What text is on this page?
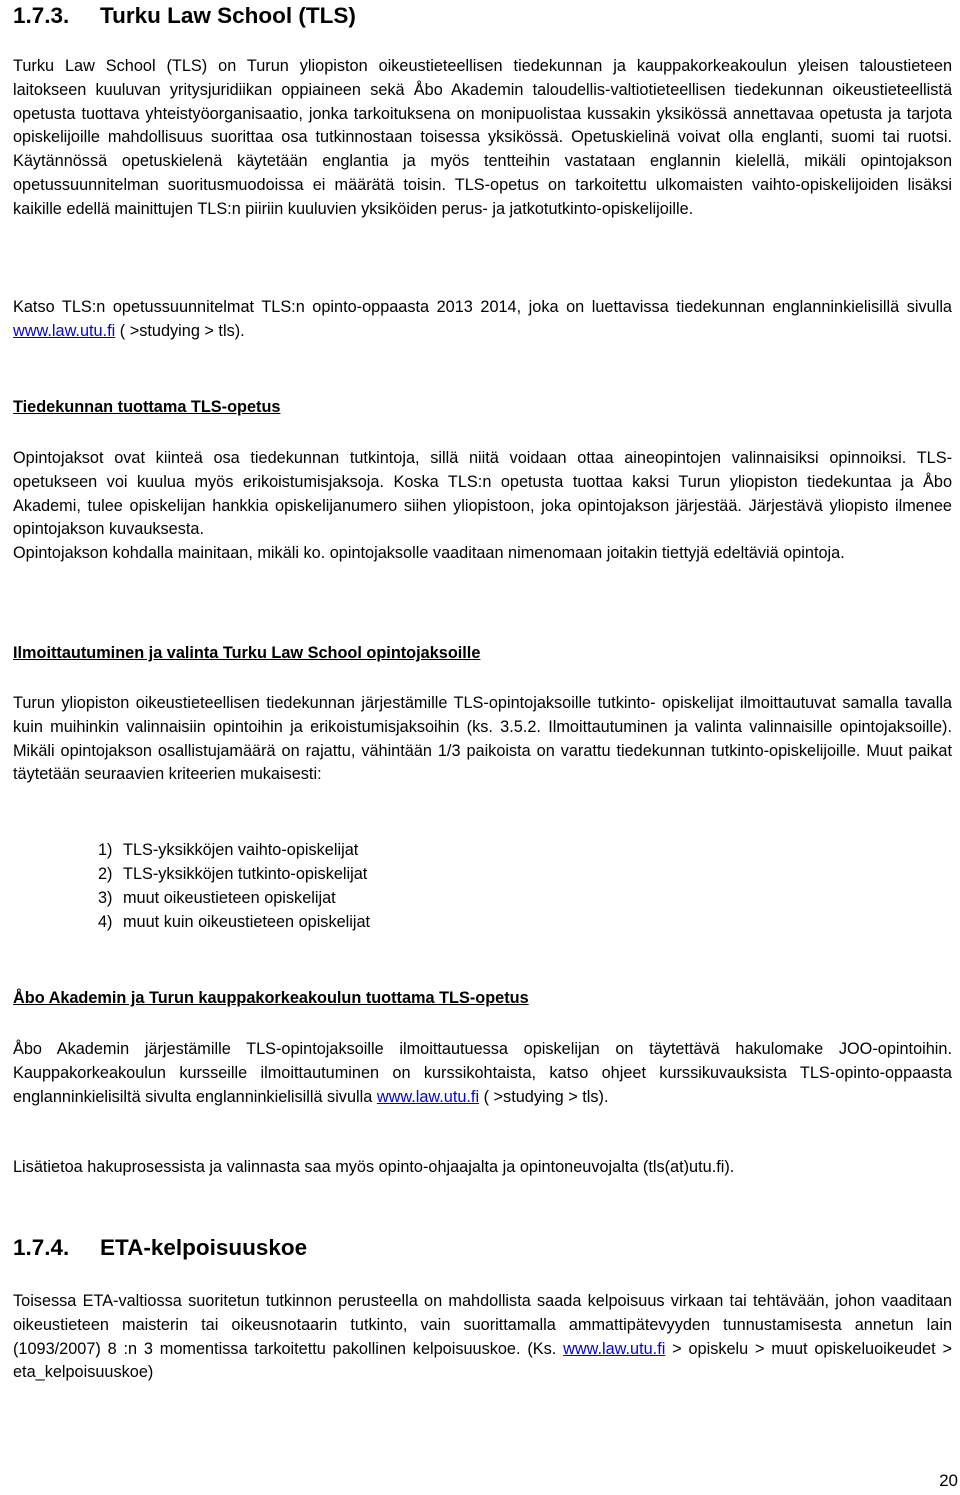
1.7.3.	Turku Law School (TLS)

Turku Law School (TLS) on Turun yliopiston oikeustieteellisen tiedekunnan ja kauppakorkeakoulun yleisen taloustieteen laitokseen kuuluvan yritysjuridiikan oppiaineen sekä Åbo Akademin taloudellis-valtiotieteellisen tiedekunnan oikeustieteellistä opetusta tuottava yhteistyöorganisaatio, jonka tarkoituksena on monipuolistaa kussakin yksikössä annettavaa opetusta ja tarjota opiskelijoille mahdollisuus suorittaa osa tutkinnostaan toisessa yksikössä. Opetuskielinä voivat olla englanti, suomi tai ruotsi. Käytännössä opetuskielenä käytetään englantia ja myös tentteihin vastataan englannin kielellä, mikäli opintojakson opetussuunnitelman suoritusmuodoissa ei määrätä toisin. TLS-opetus on tarkoitettu ulkomaisten vaihto-opiskelijoiden lisäksi kaikille edellä mainittujen TLS:n piiriin kuuluvien yksiköiden perus- ja jatkotutkinto-opiskelijoille.

Katso TLS:n opetussuunnitelmat TLS:n opinto-oppaasta 2013 2014, joka on luettavissa tiedekunnan englanninkielisillä sivulla www.law.utu.fi ( >studying > tls).

Tiedekunnan tuottama TLS-opetus

Opintojaksot ovat kiinteä osa tiedekunnan tutkintoja, sillä niitä voidaan ottaa aineopintojen valinnaisiksi opinnoiksi. TLS-opetukseen voi kuulua myös erikoistumisjaksoja. Koska TLS:n opetusta tuottaa kaksi Turun yliopiston tiedekuntaa ja Åbo Akademi, tulee opiskelijan hankkia opiskelijanumero siihen yliopistoon, joka opintojakson järjestää. Järjestävä yliopisto ilmenee opintojakson kuvauksesta.

Opintojakson kohdalla mainitaan, mikäli ko. opintojaksolle vaaditaan nimenomaan joitakin tiettyjä edeltäviä opintoja.

Ilmoittautuminen ja valinta Turku Law School opintojaksoille

Turun yliopiston oikeustieteellisen tiedekunnan järjestämille TLS-opintojaksoille tutkinto- opiskelijat ilmoittautuvat samalla tavalla kuin muihinkin valinnaisiin opintoihin ja erikoistumisjaksoihin (ks. 3.5.2. Ilmoittautuminen ja valinta valinnaisille opintojaksoille). Mikäli opintojakson osallistujamäärä on rajattu, vähintään 1/3 paikoista on varattu tiedekunnan tutkinto-opiskelijoille. Muut paikat täytetään seuraavien kriteerien mukaisesti:

1) TLS-yksikköjen vaihto-opiskelijat
2) TLS-yksikköjen tutkinto-opiskelijat
3) muut oikeustieteen opiskelijat
4) muut kuin oikeustieteen opiskelijat
Åbo Akademin ja Turun kauppakorkeakoulun tuottama TLS-opetus

Åbo Akademin järjestämille TLS-opintojaksoille ilmoittautuessa opiskelijan on täytettävä hakulomake JOO-opintoihin. Kauppakorkeakoulun kursseille ilmoittautuminen on kurssikohtaista, katso ohjeet kurssikuvauksista TLS-opinto-oppaasta englanninkielisiltä sivulta englanninkielisillä sivulla www.law.utu.fi ( >studying > tls).

Lisätietoa hakuprosessista ja valinnasta saa myös opinto-ohjaajalta ja opintoneuvojalta (tls(at)utu.fi).

1.7.4.	ETA-kelpoisuuskoe

Toisessa ETA-valtiossa suoritetun tutkinnon perusteella on mahdollista saada kelpoisuus virkaan tai tehtävään, johon vaaditaan oikeustieteen maisterin tai oikeusnotaarin tutkinto, vain suorittamalla ammattipätevyyden tunnustamisesta annetun lain (1093/2007) 8 :n 3 momentissa tarkoitettu pakollinen kelpoisuuskoe. (Ks. www.law.utu.fi > opiskelu > muut opiskeluoikeudet > eta_kelpoisuuskoe)

20
